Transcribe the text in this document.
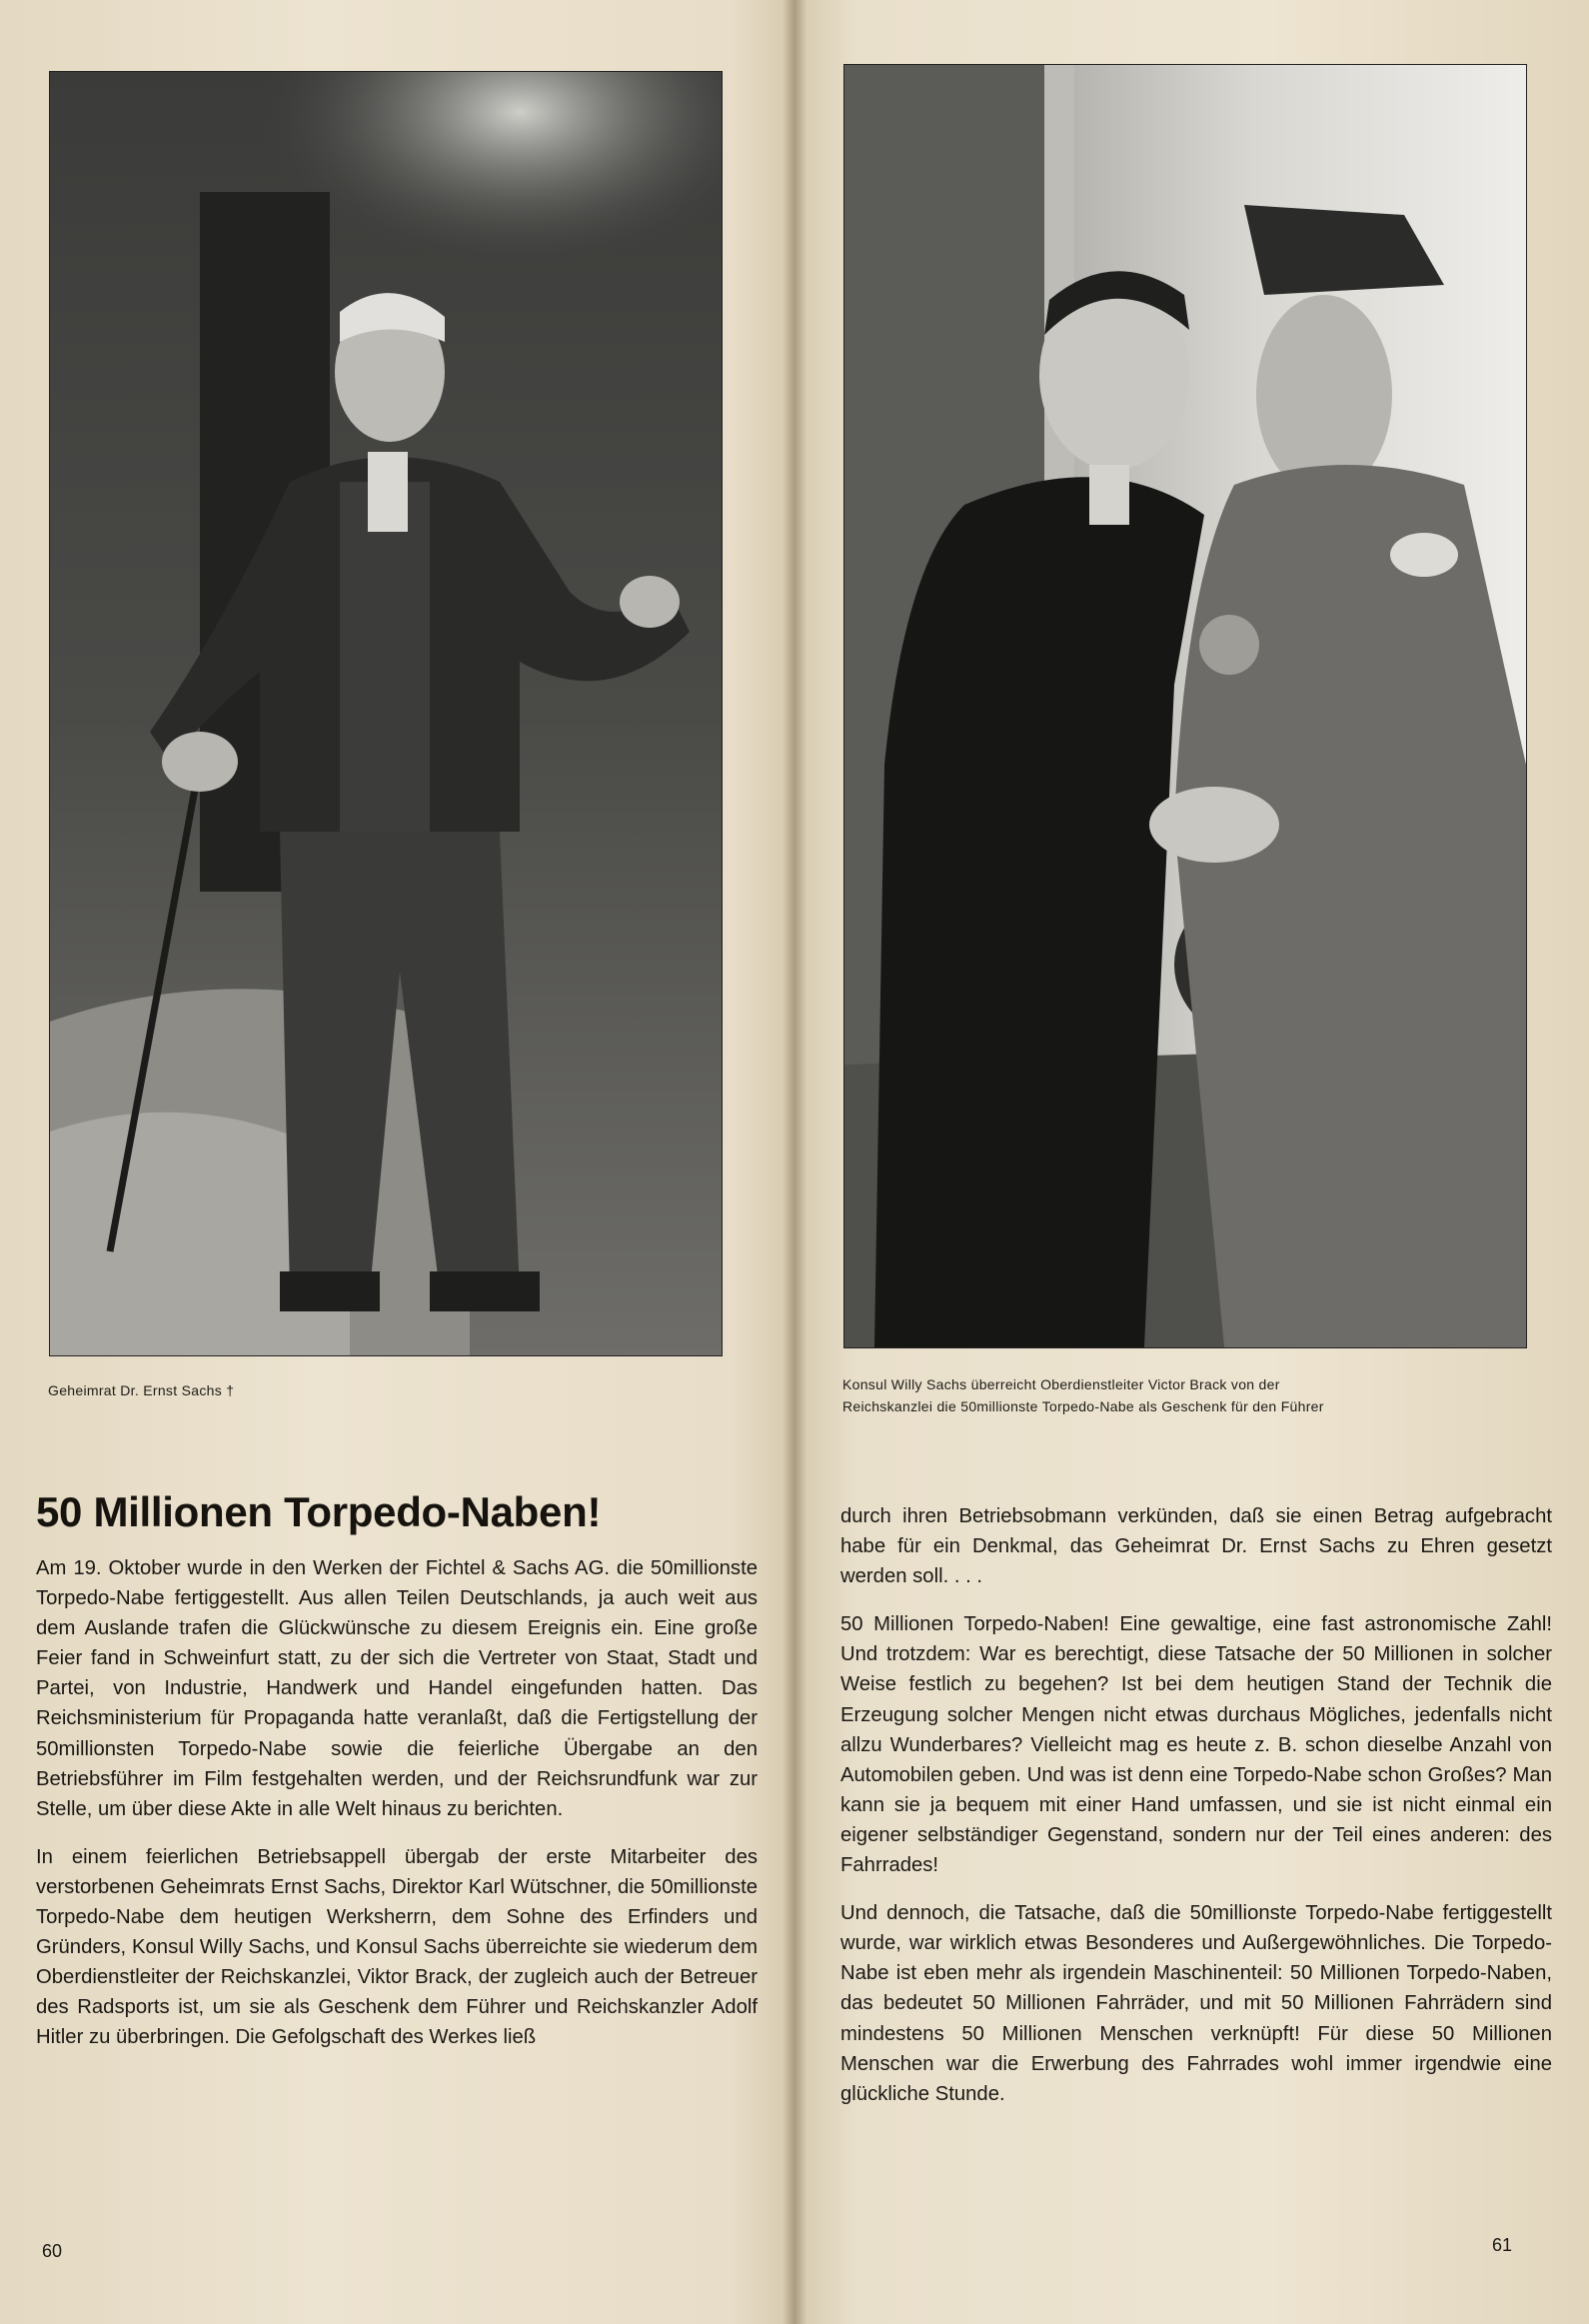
Geheimrat Dr. Ernst Sachs †
50 Millionen Torpedo-Naben!

Am 19. Oktober wurde in den Werken der Fichtel & Sachs AG. die 50millionste Torpedo-Nabe fertiggestellt. Aus allen Teilen Deutschlands, ja auch weit aus dem Auslande trafen die Glückwünsche zu diesem Ereignis ein. Eine große Feier fand in Schweinfurt statt, zu der sich die Vertreter von Staat, Stadt und Partei, von Industrie, Handwerk und Handel eingefunden hatten. Das Reichsministerium für Propaganda hatte veranlaßt, daß die Fertigstellung der 50millionsten Torpedo-Nabe sowie die feierliche Übergabe an den Betriebsführer im Film festgehalten werden, und der Reichsrundfunk war zur Stelle, um über diese Akte in alle Welt hinaus zu berichten.

In einem feierlichen Betriebsappell übergab der erste Mitarbeiter des verstorbenen Geheimrats Ernst Sachs, Direktor Karl Wütschner, die 50millionste Torpedo-Nabe dem heutigen Werksherrn, dem Sohne des Erfinders und Gründers, Konsul Willy Sachs, und Konsul Sachs überreichte sie wiederum dem Oberdienstleiter der Reichskanzlei, Viktor Brack, der zugleich auch der Betreuer des Radsports ist, um sie als Geschenk dem Führer und Reichskanzler Adolf Hitler zu überbringen. Die Gefolgschaft des Werkes ließ

60
Konsul Willy Sachs überreicht Oberdienstleiter Victor Brack von der
Reichskanzlei die 50millionste Torpedo-Nabe als Geschenk für den Führer

durch ihren Betriebsobmann verkünden, daß sie einen Betrag aufgebracht habe für ein Denkmal, das Geheimrat Dr. Ernst Sachs zu Ehren gesetzt werden soll. . . .

50 Millionen Torpedo-Naben! Eine gewaltige, eine fast astronomische Zahl! Und trotzdem: War es berechtigt, diese Tatsache der 50 Millionen in solcher Weise festlich zu begehen? Ist bei dem heutigen Stand der Technik die Erzeugung solcher Mengen nicht etwas durchaus Mögliches, jedenfalls nicht allzu Wunderbares? Vielleicht mag es heute z. B. schon dieselbe Anzahl von Automobilen geben. Und was ist denn eine Torpedo-Nabe schon Großes? Man kann sie ja bequem mit einer Hand umfassen, und sie ist nicht einmal ein eigener selbständiger Gegenstand, sondern nur der Teil eines anderen: des Fahrrades!

Und dennoch, die Tatsache, daß die 50millionste Torpedo-Nabe fertiggestellt wurde, war wirklich etwas Besonderes und Außergewöhnliches. Die Torpedo-Nabe ist eben mehr als irgendein Maschinenteil: 50 Millionen Torpedo-Naben, das bedeutet 50 Millionen Fahrräder, und mit 50 Millionen Fahrrädern sind mindestens 50 Millionen Menschen verknüpft! Für diese 50 Millionen Menschen war die Erwerbung des Fahrrades wohl immer irgendwie eine glückliche Stunde.

61
